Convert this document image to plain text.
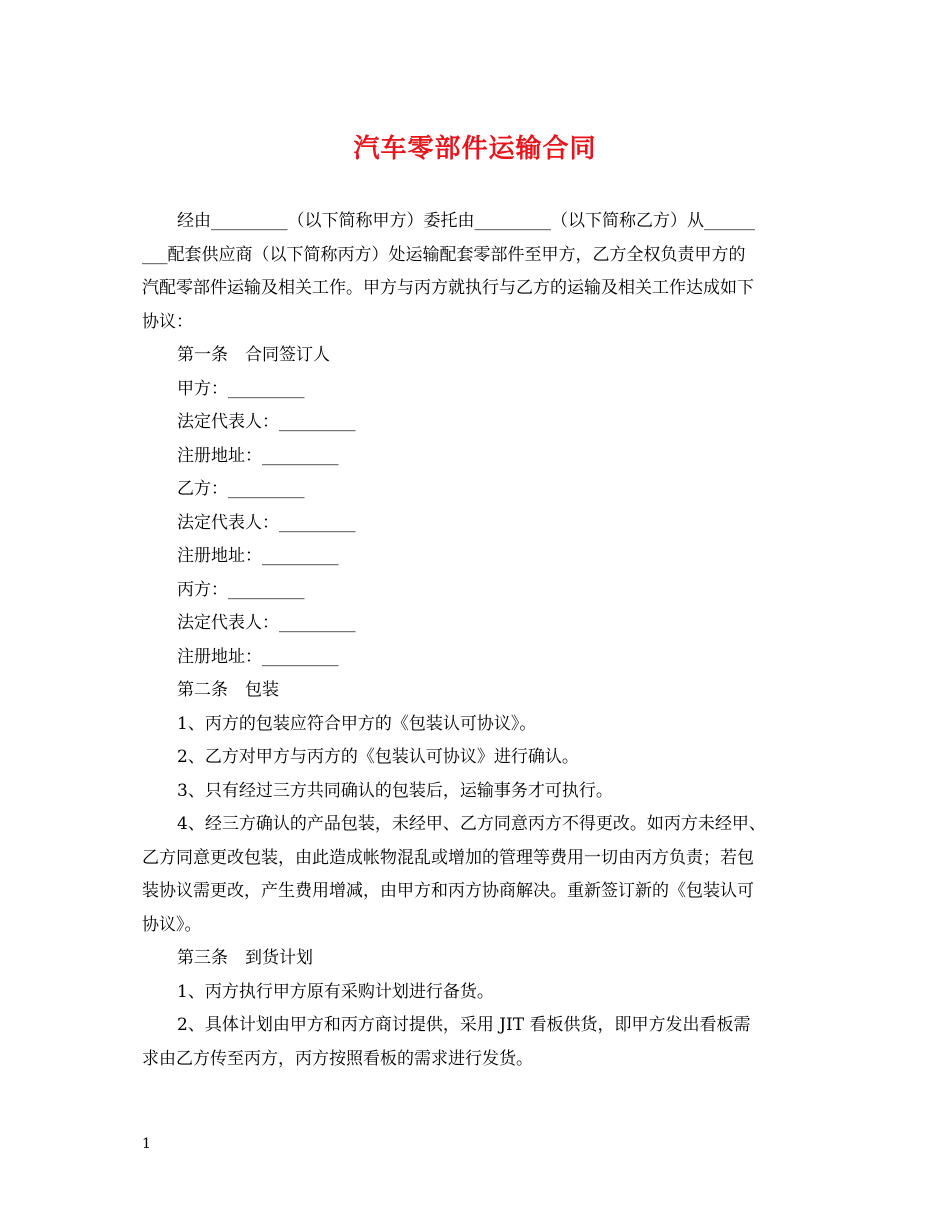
汽车零部件运输合同
经由_________（以下简称甲方）委托由_________（以下简称乙方）从______
___配套供应商（以下简称丙方）处运输配套零部件至甲方，乙方全权负责甲方的
汽配零部件运输及相关工作。甲方与丙方就执行与乙方的运输及相关工作达成如下
协议：
第一条　合同签订人
甲方：_________
法定代表人：_________
注册地址：_________
乙方：_________
法定代表人：_________
注册地址：_________
丙方：_________
法定代表人：_________
注册地址：_________
第二条　包装
1、丙方的包装应符合甲方的《包装认可协议》。
2、乙方对甲方与丙方的《包装认可协议》进行确认。
3、只有经过三方共同确认的包装后，运输事务才可执行。
4、经三方确认的产品包装，未经甲、乙方同意丙方不得更改。如丙方未经甲、
乙方同意更改包装，由此造成帐物混乱或增加的管理等费用一切由丙方负责；若包
装协议需更改，产生费用增减，由甲方和丙方协商解决。重新签订新的《包装认可
协议》。
第三条　到货计划
1、丙方执行甲方原有采购计划进行备货。
2、具体计划由甲方和丙方商讨提供，采用 JIT 看板供货，即甲方发出看板需
求由乙方传至丙方，丙方按照看板的需求进行发货。
1
